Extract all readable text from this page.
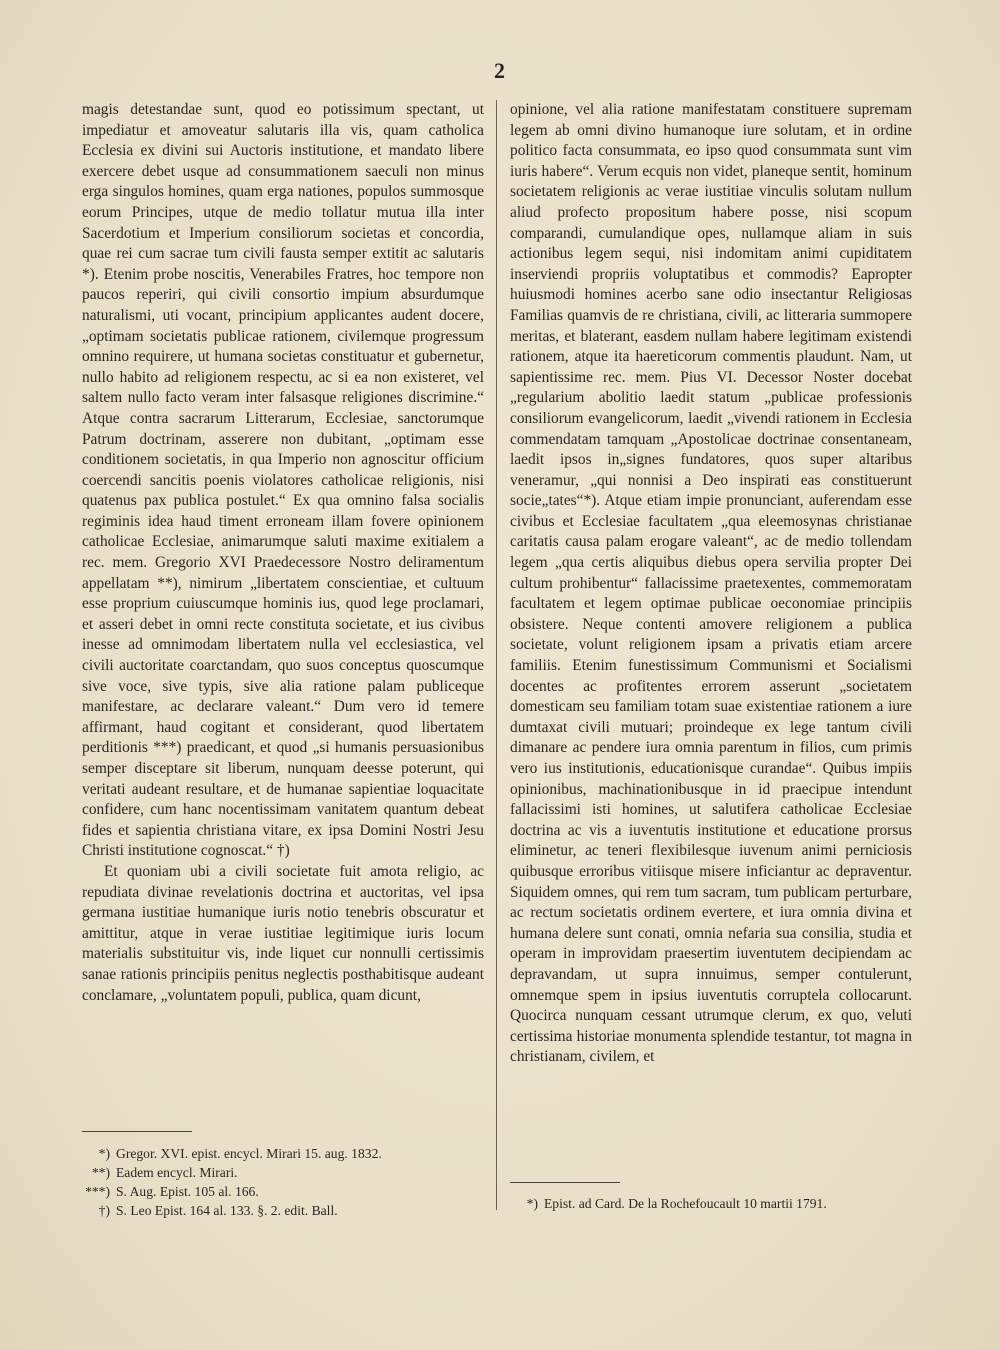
2

magis detestandae sunt, quod eo potissimum spectant, ut impediatur et amoveatur salutaris illa vis, quam catholica Ecclesia ex divini sui Auctoris institutione, et mandato libere exercere debet usque ad consummationem saeculi non minus erga singulos homines, quam erga nationes, populos summosque eorum Principes, utque de medio tollatur mutua illa inter Sacerdotium et Imperium consiliorum societas et concordia, quae rei cum sacrae tum civili fausta semper extitit ac salutaris *). Etenim probe noscitis, Venerabiles Fratres, hoc tempore non paucos reperiri, qui civili consortio impium absurdumque naturalismi, uti vocant, principium applicantes audent docere, „optimam societatis publicae rationem, civilemque progressum omnino requirere, ut humana societas constituatur et gubernetur, nullo habito ad religionem respectu, ac si ea non existeret, vel saltem nullo facto veram inter falsasque religiones discrimine.“ Atque contra sacrarum Litterarum, Ecclesiae, sanctorumque Patrum doctrinam, asserere non dubitant, „optimam esse conditionem societatis, in qua Imperio non agnoscitur officium coercendi sancitis poenis violatores catholicae religionis, nisi quatenus pax publica postulet.“ Ex qua omnino falsa socialis regiminis idea haud timent erroneam illam fovere opinionem catholicae Ecclesiae, animarumque saluti maxime exitialem a rec. mem. Gregorio XVI Praedecessore Nostro deliramentum appellatam **), nimirum „libertatem conscientiae, et cultuum esse proprium cuiuscumque hominis ius, quod lege proclamari, et asseri debet in omni recte constituta societate, et ius civibus inesse ad omnimodam libertatem nulla vel ecclesiastica, vel civili auctoritate coarctandam, quo suos conceptus quoscumque sive voce, sive typis, sive alia ratione palam publiceque manifestare, ac declarare valeant.“ Dum vero id temere affirmant, haud cogitant et considerant, quod libertatem perditionis ***) praedicant, et quod „si humanis persuasionibus semper disceptare sit liberum, nunquam deesse poterunt, qui veritati audeant resultare, et de humanae sapientiae loquacitate confidere, cum hanc nocentissimam vanitatem quantum debeat fides et sapientia christiana vitare, ex ipsa Domini Nostri Jesu Christi institutione cognoscat.“ †)

Et quoniam ubi a civili societate fuit amota religio, ac repudiata divinae revelationis doctrina et auctoritas, vel ipsa germana iustitiae humanique iuris notio tenebris obscuratur et amittitur, atque in verae iustitiae legitimique iuris locum materialis substituitur vis, inde liquet cur nonnulli certissimis sanae rationis principiis penitus neglectis posthabitisque audeant conclamare, „voluntatem populi, publica, quam dicunt,

opinione, vel alia ratione manifestatam constituere supremam legem ab omni divino humanoque iure solutam, et in ordine politico facta consummata, eo ipso quod consummata sunt vim iuris habere“. Verum ecquis non videt, planeque sentit, hominum societatem religionis ac verae iustitiae vinculis solutam nullum aliud profecto propositum habere posse, nisi scopum comparandi, cumulandique opes, nullamque aliam in suis actionibus legem sequi, nisi indomitam animi cupiditatem inserviendi propriis voluptatibus et commodis? Eapropter huiusmodi homines acerbo sane odio insectantur Religiosas Familias quamvis de re christiana, civili, ac litteraria summopere meritas, et blaterant, easdem nullam habere legitimam existendi rationem, atque ita haereticorum commentis plaudunt. Nam, ut sapientissime rec. mem. Pius VI. Decessor Noster docebat „regularium abolitio laedit statum „publicae professionis consiliorum evangelicorum, laedit „vivendi rationem in Ecclesia commendatam tamquam „Apostolicae doctrinae consentaneam, laedit ipsos in„signes fundatores, quos super altaribus veneramur, „qui nonnisi a Deo inspirati eas constituerunt socie„tates“*). Atque etiam impie pronunciant, auferendam esse civibus et Ecclesiae facultatem „qua eleemosynas christianae caritatis causa palam erogare valeant“, ac de medio tollendam legem „qua certis aliquibus diebus opera servilia propter Dei cultum prohibentur“ fallacissime praetexentes, commemoratam facultatem et legem optimae publicae oeconomiae principiis obsistere. Neque contenti amovere religionem a publica societate, volunt religionem ipsam a privatis etiam arcere familiis. Etenim funestissimum Communismi et Socialismi docentes ac profitentes errorem asserunt „societatem domesticam seu familiam totam suae existentiae rationem a iure dumtaxat civili mutuari; proindeque ex lege tantum civili dimanare ac pendere iura omnia parentum in filios, cum primis vero ius institutionis, educationisque curandae“. Quibus impiis opinionibus, machinationibusque in id praecipue intendunt fallacissimi isti homines, ut salutifera catholicae Ecclesiae doctrina ac vis a iuventutis institutione et educatione prorsus eliminetur, ac teneri flexibilesque iuvenum animi perniciosis quibusque erroribus vitiisque misere inficiantur ac depraventur. Siquidem omnes, qui rem tum sacram, tum publicam perturbare, ac rectum societatis ordinem evertere, et iura omnia divina et humana delere sunt conati, omnia nefaria sua consilia, studia et operam in improvidam praesertim iuventutem decipiendam ac depravandam, ut supra innuimus, semper contulerunt, omnemque spem in ipsius iuventutis corruptela collocarunt. Quocirca nunquam cessant utrumque clerum, ex quo, veluti certissima historiae monumenta splendide testantur, tot magna in christianam, civilem, et

*) Gregor. XVI. epist. encycl. Mirari 15. aug. 1832.
**) Eadem encycl. Mirari.
***) S. Aug. Epist. 105 al. 166.
†) S. Leo Epist. 164 al. 133. §. 2. edit. Ball.	*) Epist. ad Card. De la Rochefoucault 10 martii 1791.
